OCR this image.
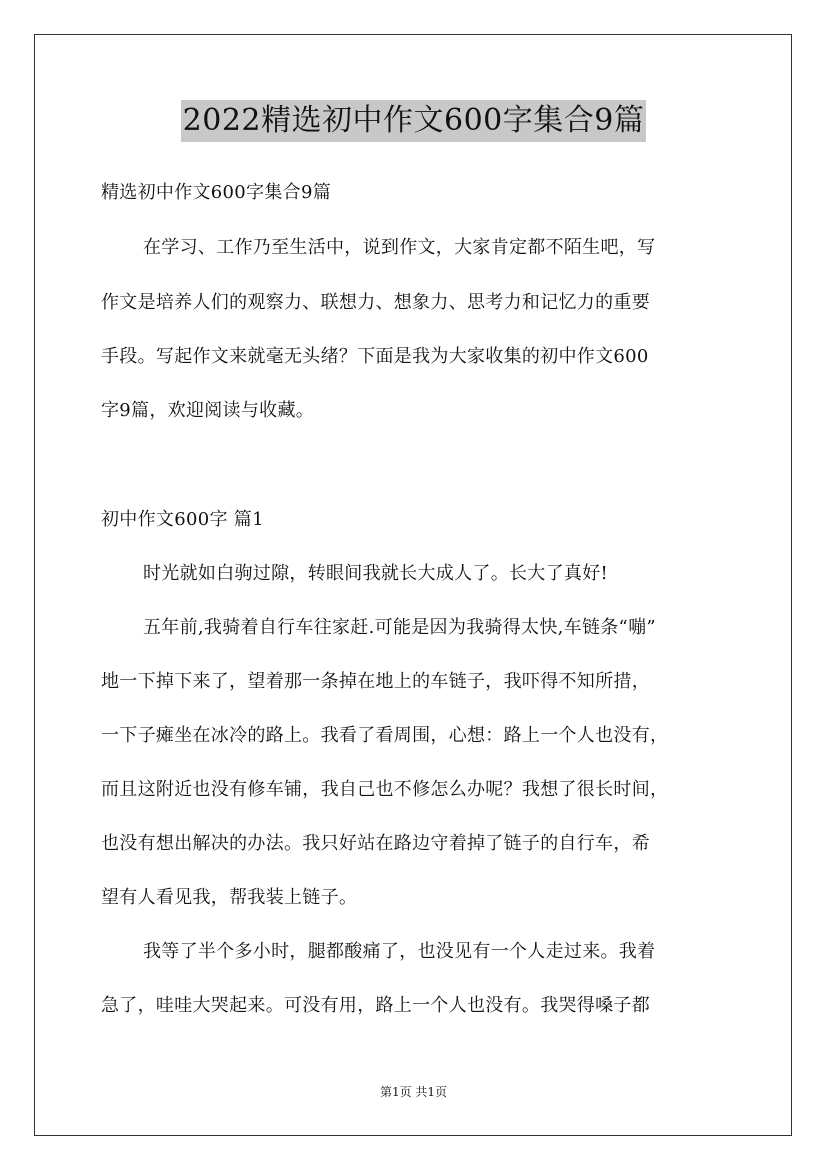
2022精选初中作文600字集合9篇
精选初中作文600字集合9篇
在学习、工作乃至生活中，说到作文，大家肯定都不陌生吧，写
作文是培养人们的观察力、联想力、想象力、思考力和记忆力的重要
手段。写起作文来就毫无头绪？下面是我为大家收集的初中作文600
字9篇，欢迎阅读与收藏。
初中作文600字 篇1
时光就如白驹过隙，转眼间我就长大成人了。长大了真好!
五年前,我骑着自行车往家赶.可能是因为我骑得太快,车链条“嘣”
地一下掉下来了，望着那一条掉在地上的车链子，我吓得不知所措，
一下子瘫坐在冰冷的路上。我看了看周围，心想：路上一个人也没有，
而且这附近也没有修车铺，我自己也不修怎么办呢？我想了很长时间，
也没有想出解决的办法。我只好站在路边守着掉了链子的自行车，希
望有人看见我，帮我装上链子。
我等了半个多小时，腿都酸痛了，也没见有一个人走过来。我着
急了，哇哇大哭起来。可没有用，路上一个人也没有。我哭得嗓子都
第1页 共1页
